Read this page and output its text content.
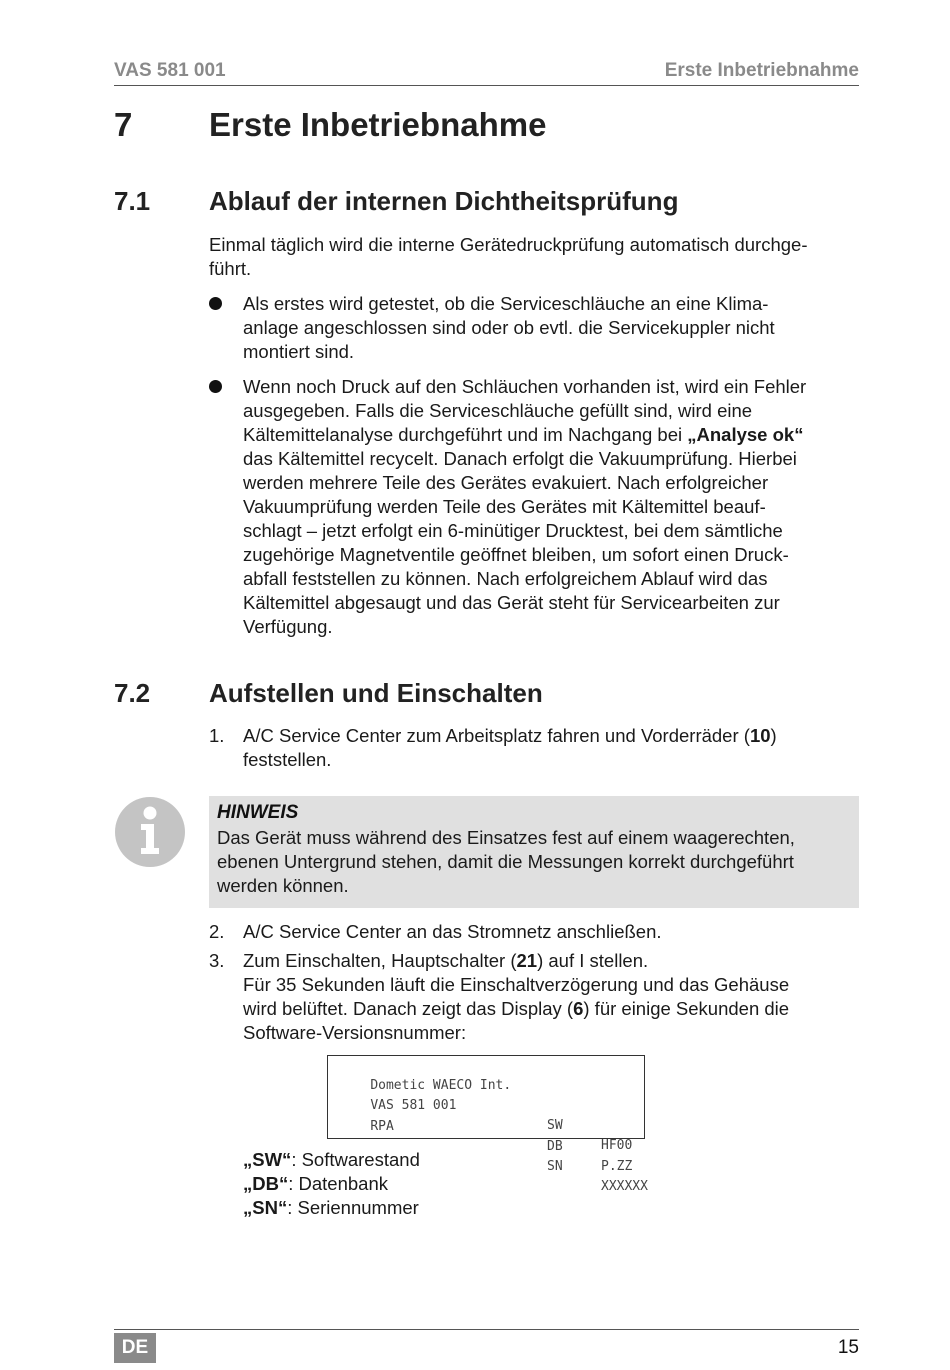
VAS 581 001	Erste Inbetriebnahme
7 Erste Inbetriebnahme
7.1 Ablauf der internen Dichtheitsprüfung
Einmal täglich wird die interne Gerätedruckprüfung automatisch durchge-
führt.
Als erstes wird getestet, ob die Serviceschläuche an eine Klima-
anlage angeschlossen sind oder ob evtl. die Servicekuppler nicht
montiert sind.
Wenn noch Druck auf den Schläuchen vorhanden ist, wird ein Fehler
ausgegeben. Falls die Serviceschläuche gefüllt sind, wird eine
Kältemittelanalyse durchgeführt und im Nachgang bei „Analyse ok“
das Kältemittel recycelt. Danach erfolgt die Vakuumprüfung. Hierbei
werden mehrere Teile des Gerätes evakuiert. Nach erfolgreicher
Vakuumprüfung werden Teile des Gerätes mit Kältemittel beauf-
schlagt – jetzt erfolgt ein 6-minütiger Drucktest, bei dem sämtliche
zugehörige Magnetventile geöffnet bleiben, um sofort einen Druck-
abfall feststellen zu können. Nach erfolgreichem Ablauf wird das
Kältemittel abgesaugt und das Gerät steht für Servicearbeiten zur
Verfügung.
7.2 Aufstellen und Einschalten
1. A/C Service Center zum Arbeitsplatz fahren und Vorderräder (10)
feststellen.
HINWEIS
Das Gerät muss während des Einsatzes fest auf einem waagerechten,
ebenen Untergrund stehen, damit die Messungen korrekt durchgeführt
werden können.
2. A/C Service Center an das Stromnetz anschließen.
3. Zum Einschalten, Hauptschalter (21) auf I stellen.
Für 35 Sekunden läuft die Einschaltverzögerung und das Gehäuse
wird belüftet. Danach zeigt das Display (6) für einige Sekunden die
Software-Versionsnummer:

Dometic WAECO Int.

VAS 581 001

SW

HF00

RPA

DB

P.ZZ

SN

XXXXXX

„SW“: Softwarestand
„DB“: Datenbank
„SN“: Seriennummer
DE	15
